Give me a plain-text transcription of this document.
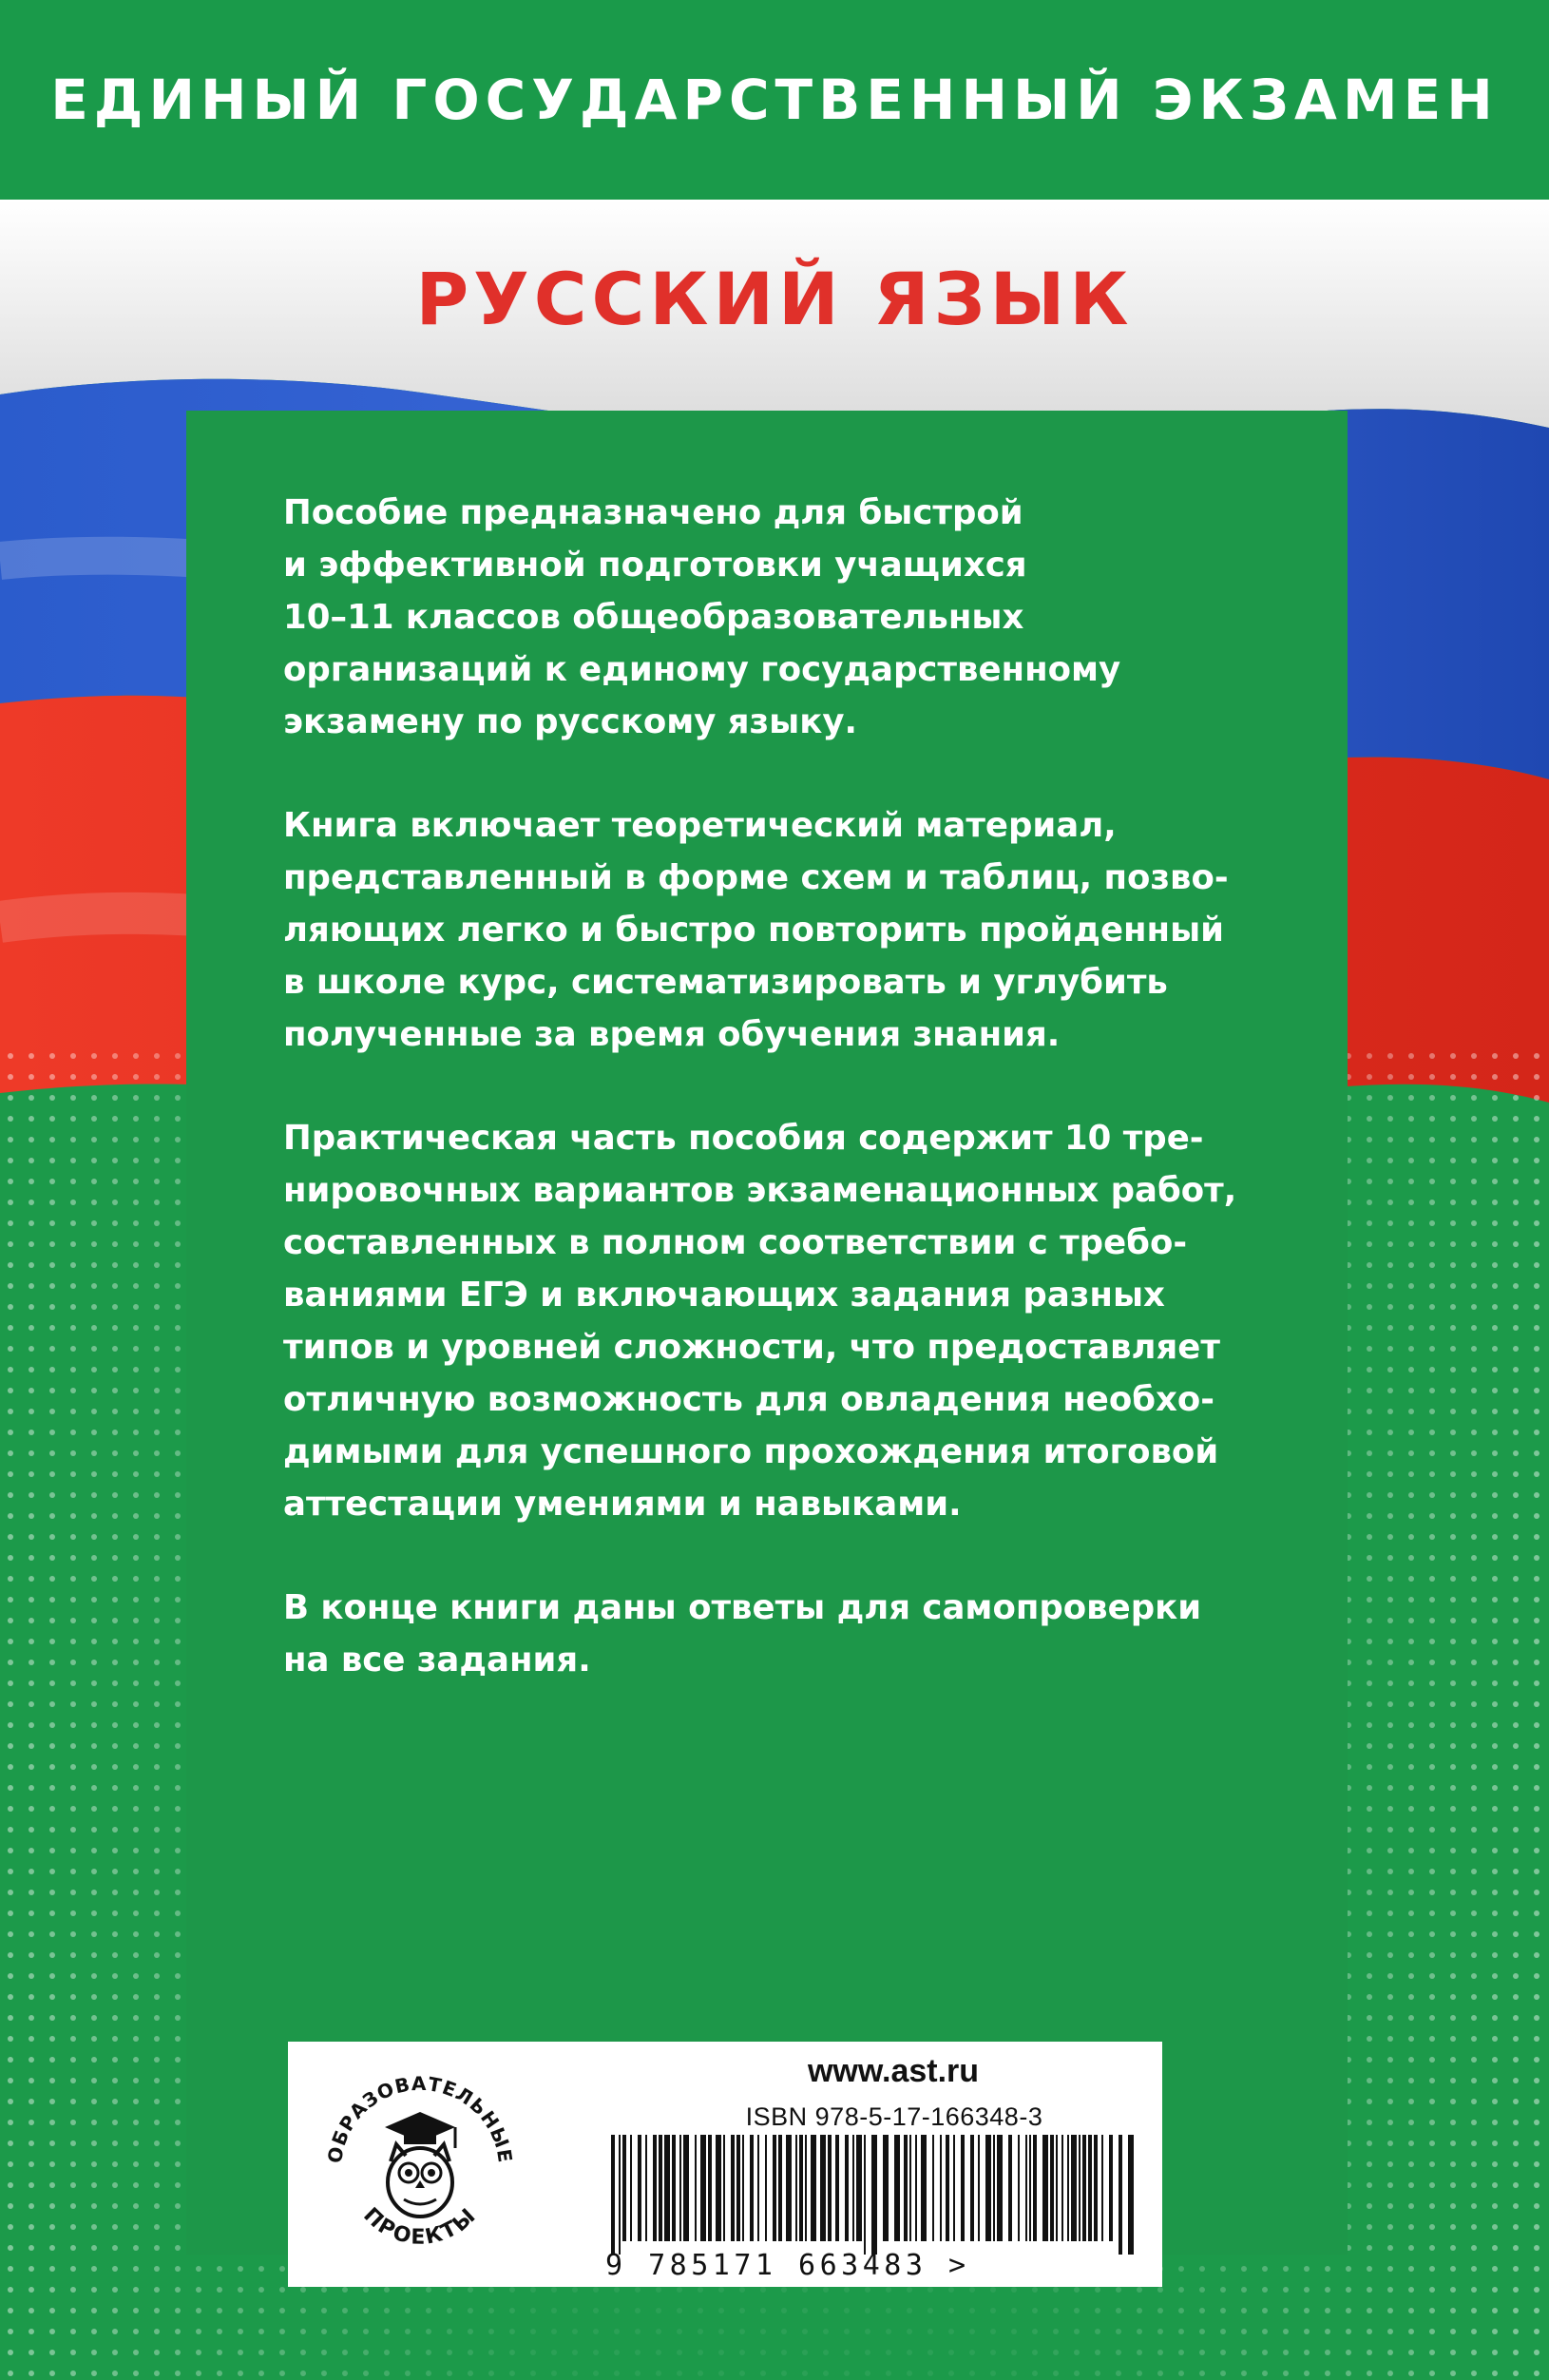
ЕДИНЫЙ ГОСУДАРСТВЕННЫЙ ЭКЗАМЕН
РУССКИЙ ЯЗЫК

Пособие предназначено для быстрой
и эффективной подготовки учащихся
10–11 классов общеобразовательных
организаций к единому государственному
экзамену по русскому языку.

Книга включает теоретический материал,
представленный в форме схем и таблиц, позво-
ляющих легко и быстро повторить пройденный
в школе курс, систематизировать и углубить
полученные за время обучения знания.

Практическая часть пособия содержит 10 тре-
нировочных вариантов экзаменационных работ,
составленных в полном соответствии с требо-
ваниями ЕГЭ и включающих задания разных
типов и уровней сложности, что предоставляет
отличную возможность для овладения необхо-
димыми для успешного прохождения итоговой
аттестации умениями и навыками.

В конце книги даны ответы для самопроверки
на все задания.

ОБРАЗОВАТЕЛЬНЫЕ
ПРОЕКТЫ
www.ast.ru
ISBN 978-5-17-166348-3
9 785171 663483 >
